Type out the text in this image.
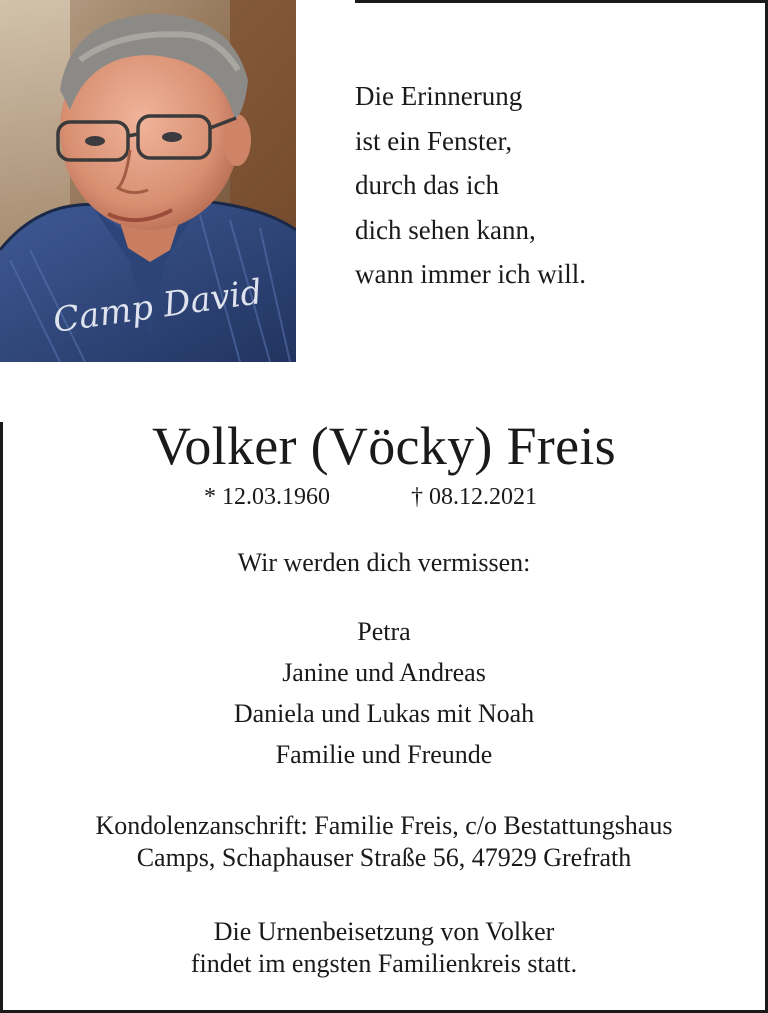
Camp David
Die Erinnerung
ist ein Fenster,
durch das ich
dich sehen kann,
wann immer ich will.
Volker (Vöcky) Freis
* 12.03.1960	† 08.12.2021
Wir werden dich vermissen:
Petra
Janine und Andreas
Daniela und Lukas mit Noah
Familie und Freunde
Kondolenzanschrift: Familie Freis, c/o Bestattungshaus
Camps, Schaphauser Straße 56, 47929 Grefrath
Die Urnenbeisetzung von Volker
findet im engsten Familienkreis statt.
